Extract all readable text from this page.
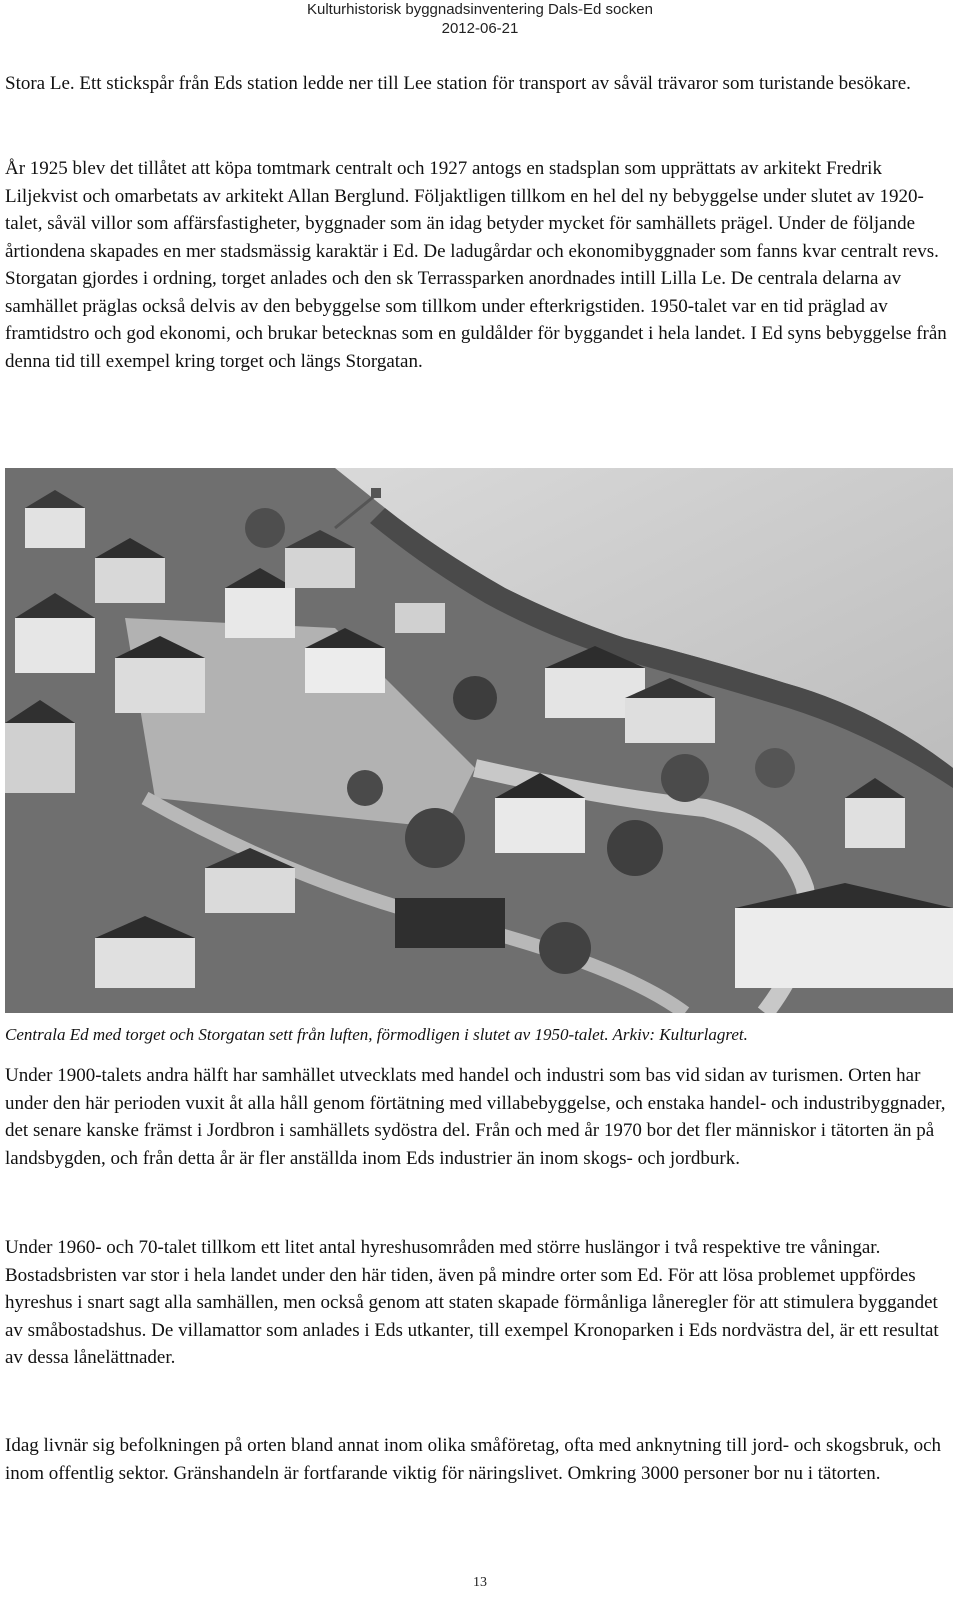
Kulturhistorisk byggnadsinventering Dals-Ed socken
2012-06-21
Stora Le. Ett stickspår från Eds station ledde ner till Lee station för transport av såväl trävaror som turistande besökare.
År 1925 blev det tillåtet att köpa tomtmark centralt och 1927 antogs en stadsplan som upprättats av arkitekt Fredrik Liljekvist och omarbetats av arkitekt Allan Berglund. Följaktligen tillkom en hel del ny bebyggelse under slutet av 1920-talet, såväl villor som affärsfastigheter, byggnader som än idag betyder mycket för samhällets prägel. Under de följande årtiondena skapades en mer stadsmässig karaktär i Ed. De ladugårdar och ekonomibyggnader som fanns kvar centralt revs. Storgatan gjordes i ordning, torget anlades och den sk Terrassparken anordnades intill Lilla Le. De centrala delarna av samhället präglas också delvis av den bebyggelse som tillkom under efterkrigstiden. 1950-talet var en tid präglad av framtidstro och god ekonomi, och brukar betecknas som en guldålder för byggandet i hela landet. I Ed syns bebyggelse från denna tid till exempel kring torget och längs Storgatan.
Centrala Ed med torget och Storgatan sett från luften, förmodligen i slutet av 1950-talet. Arkiv: Kulturlagret.
Under 1900-talets andra hälft har samhället utvecklats med handel och industri som bas vid sidan av turismen. Orten har under den här perioden vuxit åt alla håll genom förtätning med villabebyggelse, och enstaka handel- och industribyggnader, det senare kanske främst i Jordbron i samhällets sydöstra del. Från och med år 1970 bor det fler människor i tätorten än på landsbygden, och från detta år är fler anställda inom Eds industrier än inom skogs- och jordburk.
Under 1960- och 70-talet tillkom ett litet antal hyreshusområden med större huslängor i två respektive tre våningar. Bostadsbristen var stor i hela landet under den här tiden, även på mindre orter som Ed. För att lösa problemet uppfördes hyreshus i snart sagt alla samhällen, men också genom att staten skapade förmånliga låneregler för att stimulera byggandet av småbostadshus. De villamattor som anlades i Eds utkanter, till exempel Kronoparken i Eds nordvästra del, är ett resultat av dessa lånelättnader.
Idag livnär sig befolkningen på orten bland annat inom olika småföretag, ofta med anknytning till jord- och skogsbruk, och inom offentlig sektor. Gränshandeln är fortfarande viktig för näringslivet. Omkring 3000 personer bor nu i tätorten.
13
